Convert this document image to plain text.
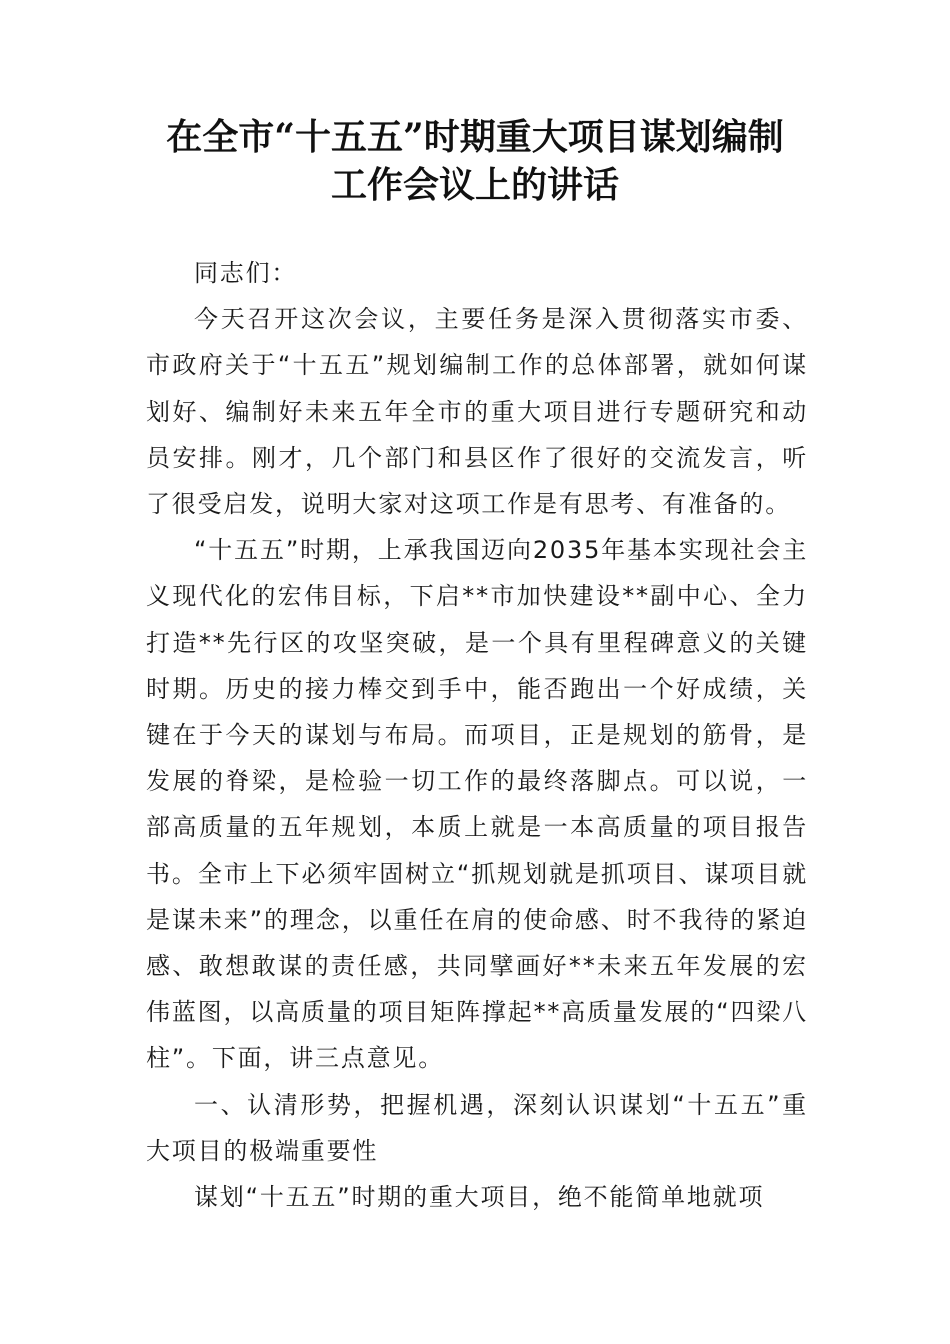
在全市“十五五”时期重大项目谋划编制
工作会议上的讲话

同志们：

今天召开这次会议，主要任务是深入贯彻落实市委、市政府关于“十五五”规划编制工作的总体部署，就如何谋划好、编制好未来五年全市的重大项目进行专题研究和动员安排。刚才，几个部门和县区作了很好的交流发言，听了很受启发，说明大家对这项工作是有思考、有准备的。

“十五五”时期，上承我国迈向2035年基本实现社会主义现代化的宏伟目标，下启**市加快建设**副中心、全力打造**先行区的攻坚突破，是一个具有里程碑意义的关键时期。历史的接力棒交到手中，能否跑出一个好成绩，关键在于今天的谋划与布局。而项目，正是规划的筋骨，是发展的脊梁，是检验一切工作的最终落脚点。可以说，一部高质量的五年规划，本质上就是一本高质量的项目报告书。全市上下必须牢固树立“抓规划就是抓项目、谋项目就是谋未来”的理念，以重任在肩的使命感、时不我待的紧迫感、敢想敢谋的责任感，共同擘画好**未来五年发展的宏伟蓝图，以高质量的项目矩阵撑起**高质量发展的“四梁八柱”。下面，讲三点意见。

一、认清形势，把握机遇，深刻认识谋划“十五五”重大项目的极端重要性

谋划“十五五”时期的重大项目，绝不能简单地就项
